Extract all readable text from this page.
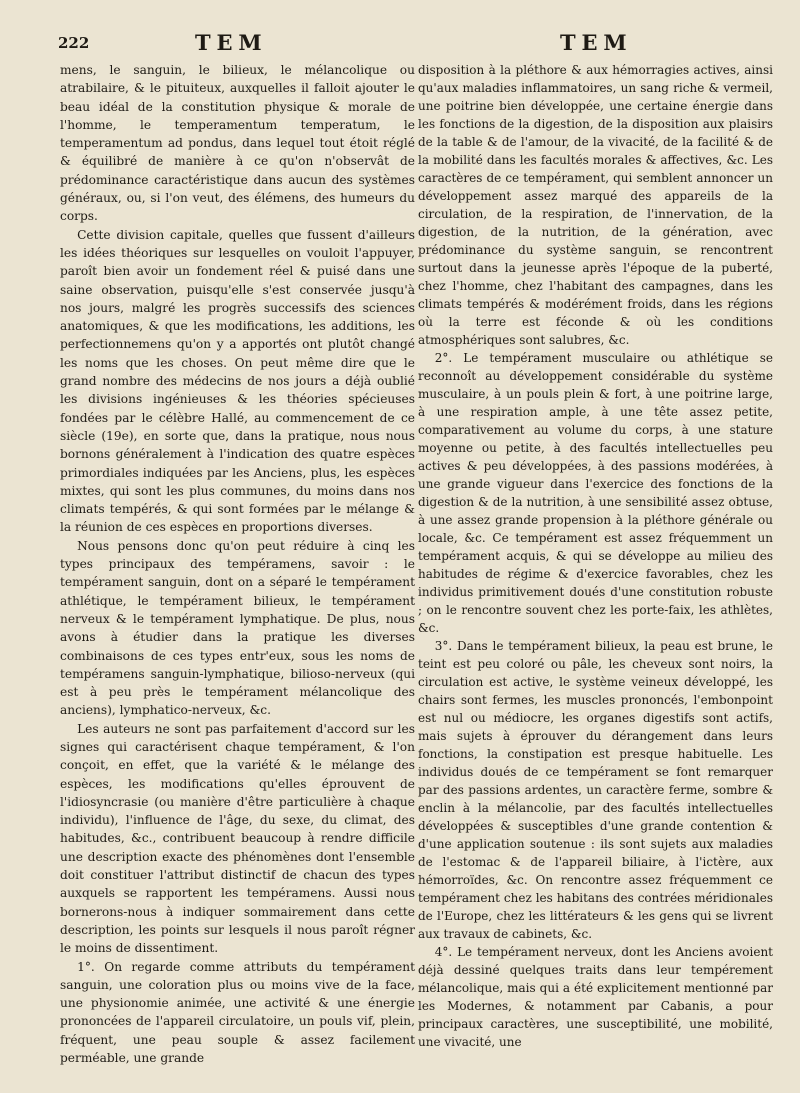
222	TEM	TEM

mens, le sanguin, le bilieux, le mélancolique ou atrabilaire, & le pituiteux, auxquelles il falloit ajouter le beau idéal de la constitution physique & morale de l'homme, le temperamentum temperatum, le temperamentum ad pondus, dans lequel tout étoit réglé & équilibré de manière à ce qu'on n'observât de prédominance caractéristique dans aucun des systèmes généraux, ou, si l'on veut, des élémens, des humeurs du corps.

Cette division capitale, quelles que fussent d'ailleurs les idées théoriques sur lesquelles on vouloit l'appuyer, paroît bien avoir un fondement réel & puisé dans une saine observation, puisqu'elle s'est conservée jusqu'à nos jours, malgré les progrès successifs des sciences anatomiques, & que les modifications, les additions, les perfectionnemens qu'on y a apportés ont plutôt changé les noms que les choses. On peut même dire que le grand nombre des médecins de nos jours a déjà oublié les divisions ingénieuses & les théories spécieuses fondées par le célèbre Hallé, au commencement de ce siècle (19e), en sorte que, dans la pratique, nous nous bornons généralement à l'indication des quatre espèces primordiales indiquées par les Anciens, plus, les espèces mixtes, qui sont les plus communes, du moins dans nos climats tempérés, & qui sont formées par le mélange & la réunion de ces espèces en proportions diverses.

Nous pensons donc qu'on peut réduire à cinq les types principaux des tempéramens, savoir : le tempérament sanguin, dont on a séparé le tempérament athlétique, le tempérament bilieux, le tempérament nerveux & le tempérament lymphatique. De plus, nous avons à étudier dans la pratique les diverses combinaisons de ces types entr'eux, sous les noms de tempéramens sanguin-lymphatique, bilioso-nerveux (qui est à peu près le tempérament mélancolique des anciens), lymphatico-nerveux, &c.

Les auteurs ne sont pas parfaitement d'accord sur les signes qui caractérisent chaque tempérament, & l'on conçoit, en effet, que la variété & le mélange des espèces, les modifications qu'elles éprouvent de l'idiosyncrasie (ou manière d'être particulière à chaque individu), l'influence de l'âge, du sexe, du climat, des habitudes, &c., contribuent beaucoup à rendre difficile une description exacte des phénomènes dont l'ensemble doit constituer l'attribut distinctif de chacun des types auxquels se rapportent les tempéramens. Aussi nous bornerons-nous à indiquer sommairement dans cette description, les points sur lesquels il nous paroît régner le moins de dissentiment.

1°. On regarde comme attributs du tempérament sanguin, une coloration plus ou moins vive de la face, une physionomie animée, une activité & une énergie prononcées de l'appareil circulatoire, un pouls vif, plein, fréquent, une peau souple & assez facilement perméable, une grande

disposition à la pléthore & aux hémorragies actives, ainsi qu'aux maladies inflammatoires, un sang riche & vermeil, une poitrine bien développée, une certaine énergie dans les fonctions de la digestion, de la disposition aux plaisirs de la table & de l'amour, de la vivacité, de la facilité & de la mobilité dans les facultés morales & affectives, &c. Les caractères de ce tempérament, qui semblent annoncer un développement assez marqué des appareils de la circulation, de la respiration, de l'innervation, de la digestion, de la nutrition, de la génération, avec prédominance du système sanguin, se rencontrent surtout dans la jeunesse après l'époque de la puberté, chez l'homme, chez l'habitant des campagnes, dans les climats tempérés & modérément froids, dans les régions où la terre est féconde & où les conditions atmosphériques sont salubres, &c.

2°. Le tempérament musculaire ou athlétique se reconnoît au développement considérable du système musculaire, à un pouls plein & fort, à une poitrine large, à une respiration ample, à une tête assez petite, comparativement au volume du corps, à une stature moyenne ou petite, à des facultés intellectuelles peu actives & peu développées, à des passions modérées, à une grande vigueur dans l'exercice des fonctions de la digestion & de la nutrition, à une sensibilité assez obtuse, à une assez grande propension à la pléthore générale ou locale, &c. Ce tempérament est assez fréquemment un tempérament acquis, & qui se développe au milieu des habitudes de régime & d'exercice favorables, chez les individus primitivement doués d'une constitution robuste ; on le rencontre souvent chez les porte-faix, les athlètes, &c.

3°. Dans le tempérament bilieux, la peau est brune, le teint est peu coloré ou pâle, les cheveux sont noirs, la circulation est active, le système veineux développé, les chairs sont fermes, les muscles prononcés, l'embonpoint est nul ou médiocre, les organes digestifs sont actifs, mais sujets à éprouver du dérangement dans leurs fonctions, la constipation est presque habituelle. Les individus doués de ce tempérament se font remarquer par des passions ardentes, un caractère ferme, sombre & enclin à la mélancolie, par des facultés intellectuelles développées & susceptibles d'une grande contention & d'une application soutenue : ils sont sujets aux maladies de l'estomac & de l'appareil biliaire, à l'ictère, aux hémorroïdes, &c. On rencontre assez fréquemment ce tempérament chez les habitans des contrées méridionales de l'Europe, chez les littérateurs & les gens qui se livrent aux travaux de cabinets, &c.

4°. Le tempérament nerveux, dont les Anciens avoient déjà dessiné quelques traits dans leur tempérement mélancolique, mais qui a été explicitement mentionné par les Modernes, & notamment par Cabanis, a pour principaux caractères, une susceptibilité, une mobilité, une vivacité, une
